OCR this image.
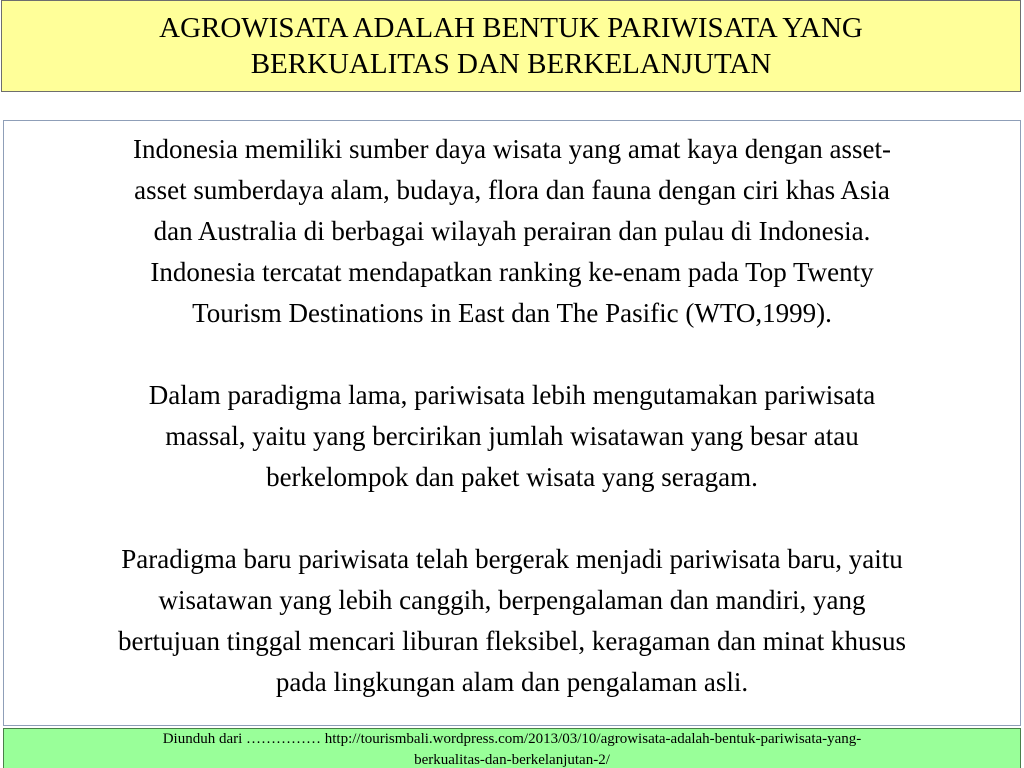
AGROWISATA ADALAH BENTUK PARIWISATA YANG
BERKUALITAS DAN BERKELANJUTAN

Indonesia memiliki sumber daya wisata yang amat kaya dengan asset-
asset sumberdaya alam, budaya, flora dan fauna dengan ciri khas Asia
dan Australia di berbagai wilayah perairan dan pulau di Indonesia.
Indonesia tercatat mendapatkan ranking ke-enam pada Top Twenty
Tourism Destinations in East dan The Pasific (WTO,1999).

Dalam paradigma lama, pariwisata lebih mengutamakan pariwisata
massal, yaitu yang bercirikan jumlah wisatawan yang besar atau
berkelompok dan paket wisata yang seragam.

Paradigma baru pariwisata telah bergerak menjadi pariwisata baru, yaitu
wisatawan yang lebih canggih, berpengalaman dan mandiri, yang
bertujuan tinggal mencari liburan fleksibel, keragaman dan minat khusus
pada lingkungan alam dan pengalaman asli.

Diunduh dari …………… http://tourismbali.wordpress.com/2013/03/10/agrowisata-adalah-bentuk-pariwisata-yang-
berkualitas-dan-berkelanjutan-2/
